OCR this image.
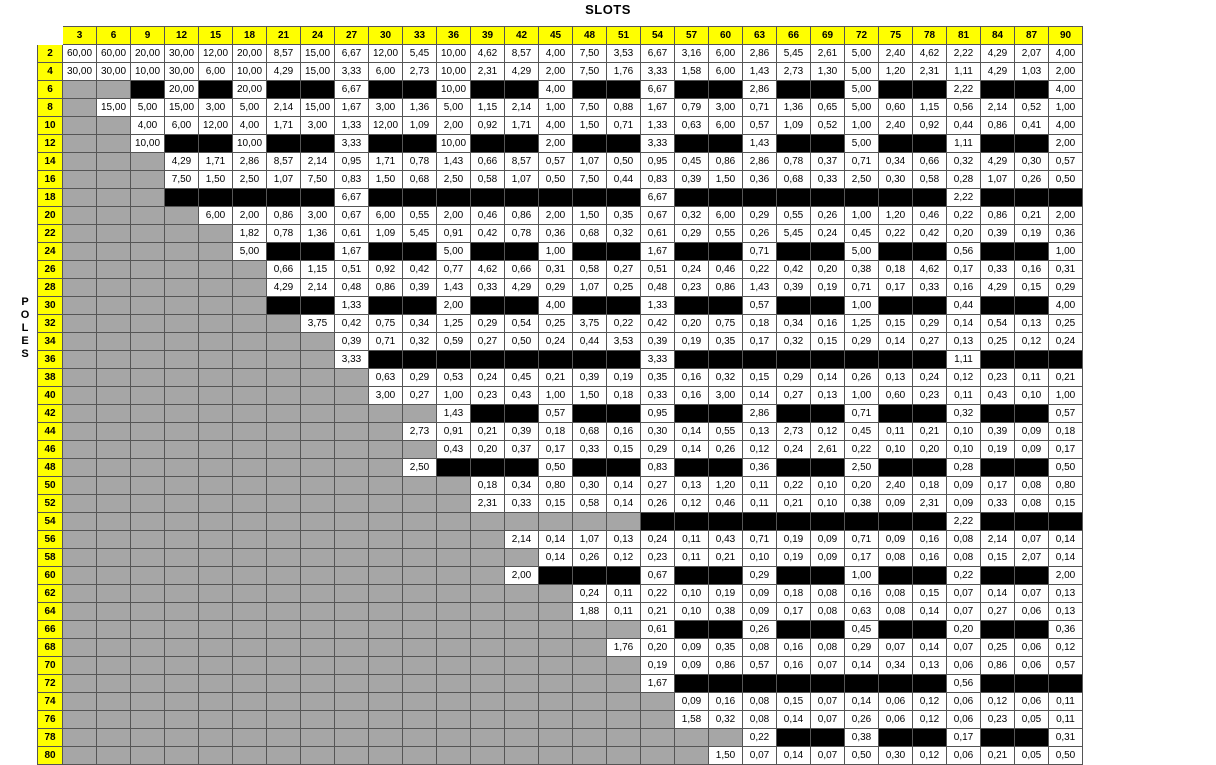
SLOTS
P
O
L
E
S
	3	6	9	12	15	18	21	24	27	30	33	36	39	42	45	48	51	54	57	60	63	66	69	72	75	78	81	84	87	90
2	60,00	60,00	20,00	30,00	12,00	20,00	8,57	15,00	6,67	12,00	5,45	10,00	4,62	8,57	4,00	7,50	3,53	6,67	3,16	6,00	2,86	5,45	2,61	5,00	2,40	4,62	2,22	4,29	2,07	4,00
4	30,00	30,00	10,00	30,00	6,00	10,00	4,29	15,00	3,33	6,00	2,73	10,00	2,31	4,29	2,00	7,50	1,76	3,33	1,58	6,00	1,43	2,73	1,30	5,00	1,20	2,31	1,11	4,29	1,03	2,00
6				20,00		20,00			6,67			10,00			4,00			6,67			2,86			5,00			2,22			4,00
8		15,00	5,00	15,00	3,00	5,00	2,14	15,00	1,67	3,00	1,36	5,00	1,15	2,14	1,00	7,50	0,88	1,67	0,79	3,00	0,71	1,36	0,65	5,00	0,60	1,15	0,56	2,14	0,52	1,00
10			4,00	6,00	12,00	4,00	1,71	3,00	1,33	12,00	1,09	2,00	0,92	1,71	4,00	1,50	0,71	1,33	0,63	6,00	0,57	1,09	0,52	1,00	2,40	0,92	0,44	0,86	0,41	4,00
12			10,00			10,00			3,33			10,00			2,00			3,33			1,43			5,00			1,11			2,00
14				4,29	1,71	2,86	8,57	2,14	0,95	1,71	0,78	1,43	0,66	8,57	0,57	1,07	0,50	0,95	0,45	0,86	2,86	0,78	0,37	0,71	0,34	0,66	0,32	4,29	0,30	0,57
16				7,50	1,50	2,50	1,07	7,50	0,83	1,50	0,68	2,50	0,58	1,07	0,50	7,50	0,44	0,83	0,39	1,50	0,36	0,68	0,33	2,50	0,30	0,58	0,28	1,07	0,26	0,50
18									6,67									6,67									2,22			
20					6,00	2,00	0,86	3,00	0,67	6,00	0,55	2,00	0,46	0,86	2,00	1,50	0,35	0,67	0,32	6,00	0,29	0,55	0,26	1,00	1,20	0,46	0,22	0,86	0,21	2,00
22						1,82	0,78	1,36	0,61	1,09	5,45	0,91	0,42	0,78	0,36	0,68	0,32	0,61	0,29	0,55	0,26	5,45	0,24	0,45	0,22	0,42	0,20	0,39	0,19	0,36
24						5,00			1,67			5,00			1,00			1,67			0,71			5,00			0,56			1,00
26							0,66	1,15	0,51	0,92	0,42	0,77	4,62	0,66	0,31	0,58	0,27	0,51	0,24	0,46	0,22	0,42	0,20	0,38	0,18	4,62	0,17	0,33	0,16	0,31
28							4,29	2,14	0,48	0,86	0,39	1,43	0,33	4,29	0,29	1,07	0,25	0,48	0,23	0,86	1,43	0,39	0,19	0,71	0,17	0,33	0,16	4,29	0,15	0,29
30									1,33			2,00			4,00			1,33			0,57			1,00			0,44			4,00
32								3,75	0,42	0,75	0,34	1,25	0,29	0,54	0,25	3,75	0,22	0,42	0,20	0,75	0,18	0,34	0,16	1,25	0,15	0,29	0,14	0,54	0,13	0,25
34									0,39	0,71	0,32	0,59	0,27	0,50	0,24	0,44	3,53	0,39	0,19	0,35	0,17	0,32	0,15	0,29	0,14	0,27	0,13	0,25	0,12	0,24
36									3,33									3,33									1,11			
38										0,63	0,29	0,53	0,24	0,45	0,21	0,39	0,19	0,35	0,16	0,32	0,15	0,29	0,14	0,26	0,13	0,24	0,12	0,23	0,11	0,21
40										3,00	0,27	1,00	0,23	0,43	1,00	1,50	0,18	0,33	0,16	3,00	0,14	0,27	0,13	1,00	0,60	0,23	0,11	0,43	0,10	1,00
42												1,43			0,57			0,95			2,86			0,71			0,32			0,57
44											2,73	0,91	0,21	0,39	0,18	0,68	0,16	0,30	0,14	0,55	0,13	2,73	0,12	0,45	0,11	0,21	0,10	0,39	0,09	0,18
46												0,43	0,20	0,37	0,17	0,33	0,15	0,29	0,14	0,26	0,12	0,24	2,61	0,22	0,10	0,20	0,10	0,19	0,09	0,17
48											2,50				0,50			0,83			0,36			2,50			0,28			0,50
50													0,18	0,34	0,80	0,30	0,14	0,27	0,13	1,20	0,11	0,22	0,10	0,20	2,40	0,18	0,09	0,17	0,08	0,80
52													2,31	0,33	0,15	0,58	0,14	0,26	0,12	0,46	0,11	0,21	0,10	0,38	0,09	2,31	0,09	0,33	0,08	0,15
54																											2,22			
56														2,14	0,14	1,07	0,13	0,24	0,11	0,43	0,71	0,19	0,09	0,71	0,09	0,16	0,08	2,14	0,07	0,14
58															0,14	0,26	0,12	0,23	0,11	0,21	0,10	0,19	0,09	0,17	0,08	0,16	0,08	0,15	2,07	0,14
60														2,00				0,67			0,29			1,00			0,22			2,00
62																0,24	0,11	0,22	0,10	0,19	0,09	0,18	0,08	0,16	0,08	0,15	0,07	0,14	0,07	0,13
64																1,88	0,11	0,21	0,10	0,38	0,09	0,17	0,08	0,63	0,08	0,14	0,07	0,27	0,06	0,13
66																		0,61			0,26			0,45			0,20			0,36
68																	1,76	0,20	0,09	0,35	0,08	0,16	0,08	0,29	0,07	0,14	0,07	0,25	0,06	0,12
70																		0,19	0,09	0,86	0,57	0,16	0,07	0,14	0,34	0,13	0,06	0,86	0,06	0,57
72																		1,67									0,56			
74																			0,09	0,16	0,08	0,15	0,07	0,14	0,06	0,12	0,06	0,12	0,06	0,11
76																			1,58	0,32	0,08	0,14	0,07	0,26	0,06	0,12	0,06	0,23	0,05	0,11
78																					0,22			0,38			0,17			0,31
80																				1,50	0,07	0,14	0,07	0,50	0,30	0,12	0,06	0,21	0,05	0,50
